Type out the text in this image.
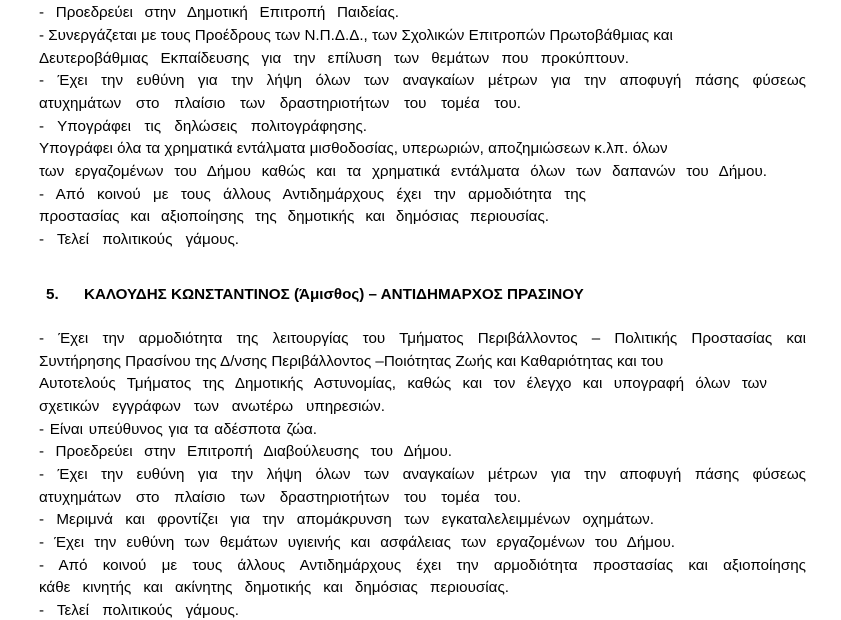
- Προεδρεύει στην Δημοτική Επιτροπή Παιδείας.
- Συνεργάζεται με τους Προέδρους των Ν.Π.Δ.Δ., των Σχολικών Επιτροπών Πρωτοβάθμιας και
Δευτεροβάθμιας Εκπαίδευσης για την επίλυση των θεμάτων που προκύπτουν.
- Έχει την ευθύνη για την λήψη όλων των αναγκαίων μέτρων για την αποφυγή πάσης φύσεως
ατυχημάτων στο πλαίσιο των δραστηριοτήτων του τομέα του.
- Υπογράφει τις δηλώσεις πολιτογράφησης.
Υπογράφει όλα τα χρηματικά εντάλματα μισθοδοσίας, υπερωριών, αποζημιώσεων κ.λπ. όλων
των εργαζομένων του Δήμου καθώς και τα χρηματικά εντάλματα όλων των δαπανών του Δήμου.
- Από κοινού με τους άλλους Αντιδημάρχους έχει την αρμοδιότητα της
προστασίας και αξιοποίησης της δημοτικής και δημόσιας περιουσίας.
- Τελεί πολιτικούς γάμους.
5. ΚΑΛΟΥΔΗΣ ΚΩΝΣΤΑΝΤΙΝΟΣ (Άμισθος) – ΑΝΤΙΔΗΜΑΡΧΟΣ ΠΡΑΣΙΝΟΥ
- Έχει την αρμοδιότητα της λειτουργίας του Τμήματος Περιβάλλοντος – Πολιτικής Προστασίας και
Συντήρησης Πρασίνου της Δ/νσης Περιβάλλοντος –Ποιότητας Ζωής και Καθαριότητας και του
Αυτοτελούς Τμήματος της Δημοτικής Αστυνομίας, καθώς και τον έλεγχο και υπογραφή όλων των
σχετικών εγγράφων των ανωτέρω υπηρεσιών.
- Είναι υπεύθυνος για τα αδέσποτα ζώα.
- Προεδρεύει στην Επιτροπή Διαβούλευσης του Δήμου.
- Έχει την ευθύνη για την λήψη όλων των αναγκαίων μέτρων για την αποφυγή πάσης φύσεως
ατυχημάτων στο πλαίσιο των δραστηριοτήτων του τομέα του.
- Μεριμνά και φροντίζει για την απομάκρυνση των εγκαταλελειμμένων οχημάτων.
- Έχει την ευθύνη των θεμάτων υγιεινής και ασφάλειας των εργαζομένων του Δήμου.
- Από κοινού με τους άλλους Αντιδημάρχους έχει την αρμοδιότητα προστασίας και αξιοποίησης
κάθε κινητής και ακίνητης δημοτικής και δημόσιας περιουσίας.
- Τελεί πολιτικούς γάμους.
